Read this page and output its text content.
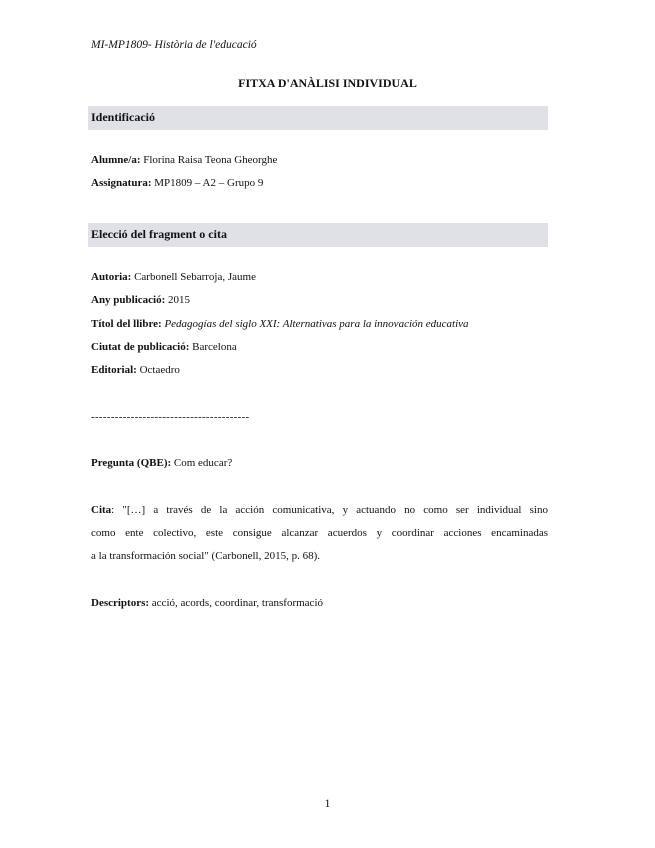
MI-MP1809- Història de l'educació
FITXA D'ANÀLISI INDIVIDUAL
Identificació
Alumne/a: Florina Raisa Teona Gheorghe
Assignatura: MP1809 – A2 – Grupo 9
Elecció del fragment o cita
Autoria: Carbonell Sebarroja, Jaume
Any publicació: 2015
Títol del llibre: Pedagogías del siglo XXI: Alternativas para la innovación educativa
Ciutat de publicació: Barcelona
Editorial: Octaedro
----------------------------------------
Pregunta (QBE): Com educar?
Cita: "[…] a través de la acción comunicativa, y actuando no como ser individual sino
como ente colectivo, este consigue alcanzar acuerdos y coordinar acciones encaminadas
a la transformación social" (Carbonell, 2015, p. 68).
Descriptors: acció, acords, coordinar, transformació
1
